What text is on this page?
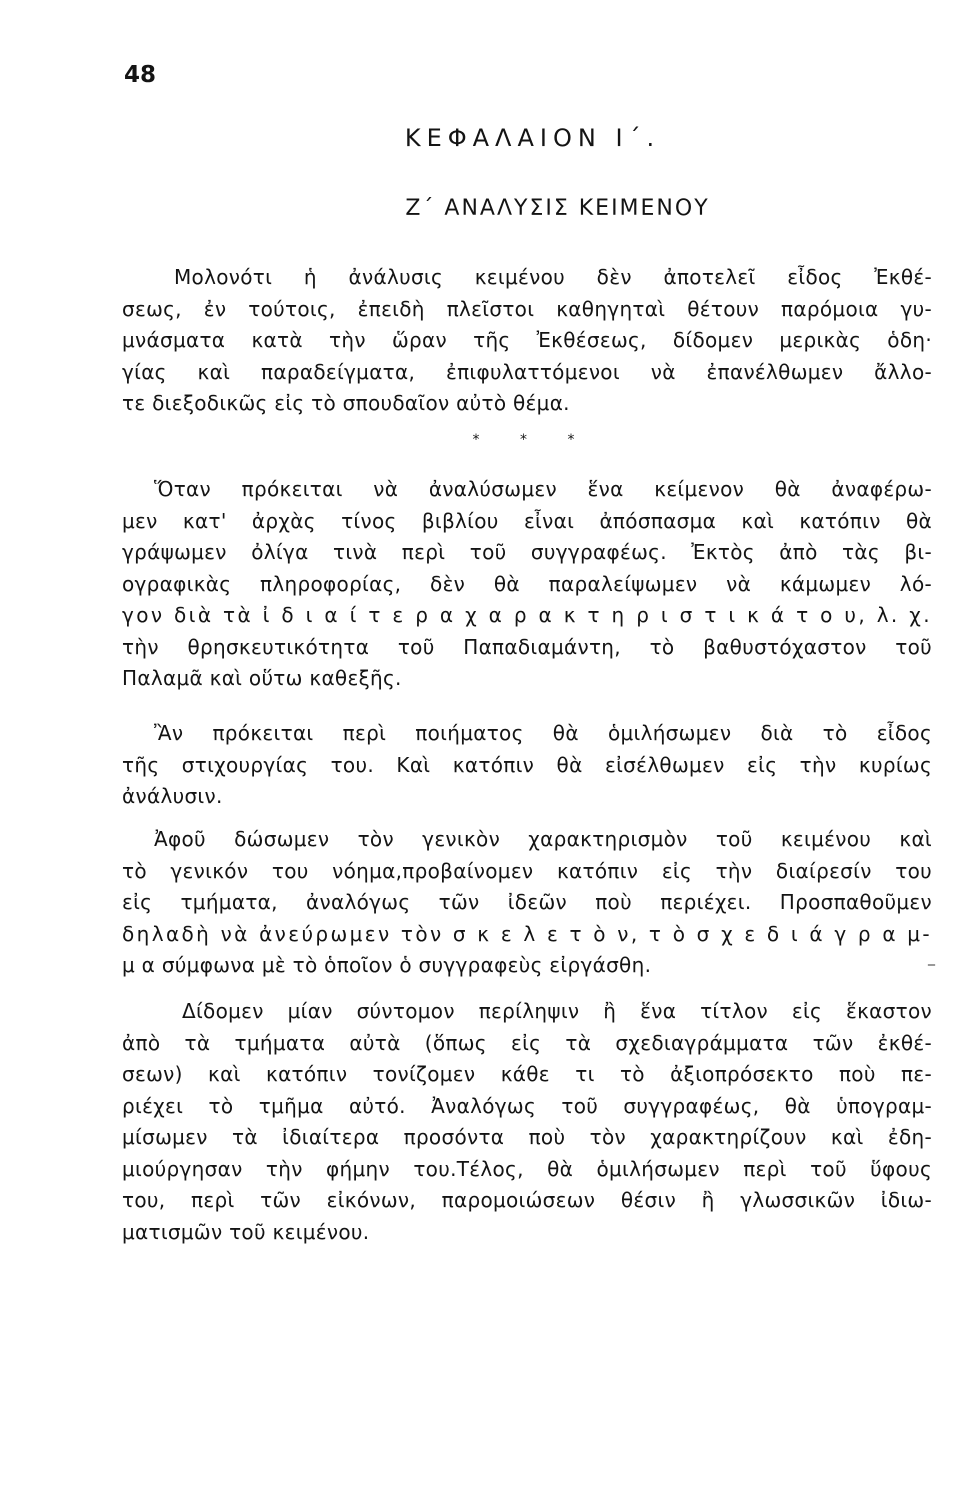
48
ΚΕΦΑΛΑΙΟΝ Ι΄.
Ζ΄ ΑΝΑΛΥΣΙΣ ΚΕΙΜΕΝΟΥ
Μολονότι ἡ ἀνάλυσις κειμένου δὲν ἀποτελεῖ εἶδος Ἐκθέ-
σεως, ἐν τούτοις, ἐπειδὴ πλεῖστοι καθηγηταὶ θέτουν παρόμοια γυ-
μνάσματα κατὰ τὴν ὥραν τῆς Ἐκθέσεως, δίδομεν μερικὰς ὁδη·
γίας καὶ παραδείγματα, ἐπιφυλαττόμενοι νὰ ἐπανέλθωμεν ἄλλο-
τε διεξοδικῶς εἰς τὸ σπουδαῖον αὐτὸ θέμα.
* * *
Ὅταν πρόκειται νὰ ἀναλύσωμεν ἕνα κείμενον θὰ ἀναφέρω-
μεν κατ' ἀρχὰς τίνος βιβλίου εἶναι ἀπόσπασμα καὶ κατόπιν θὰ
γράψωμεν ὀλίγα τινὰ περὶ τοῦ συγγραφέως. Ἐκτὸς ἀπὸ τὰς βι-
ογραφικὰς πληροφορίας, δὲν θὰ παραλείψωμεν νὰ κάμωμεν λό-
γον διὰ τὰ ἰ δ ι α ί τ ε ρ α χ α ρ α κ τ η ρ ι σ τ ι κ ά τ ο υ, λ. χ.
τὴν θρησκευτικότητα τοῦ Παπαδιαμάντη, τὸ βαθυστόχαστον τοῦ
Παλαμᾶ καὶ οὕτω καθεξῆς.
Ἂν πρόκειται περὶ ποιήματος θὰ ὁμιλήσωμεν διὰ τὸ εἶδος
τῆς στιχουργίας του. Καὶ κατόπιν θὰ εἰσέλθωμεν εἰς τὴν κυρίως
ἀνάλυσιν.
Ἀφοῦ δώσωμεν τὸν γενικὸν χαρακτηρισμὸν τοῦ κειμένου καὶ
τὸ γενικόν του νόημα,προβαίνομεν κατόπιν εἰς τὴν διαίρεσίν του
εἰς τμήματα, ἀναλόγως τῶν ἰδεῶν ποὺ περιέχει. Προσπαθοῦμεν
δηλαδὴ νὰ ἀνεύρωμεν τὸν σ κ ε λ ε τ ὸ ν, τ ὸ σ χ ε δ ι ά γ ρ α μ-
μ α σύμφωνα μὲ τὸ ὁποῖον ὁ συγγραφεὺς εἰργάσθη.
Δίδομεν μίαν σύντομον περίληψιν ἢ ἕνα τίτλον εἰς ἕκαστον
ἀπὸ τὰ τμήματα αὐτὰ (ὅπως εἰς τὰ σχεδιαγράμματα τῶν ἐκθέ-
σεων) καὶ κατόπιν τονίζομεν κάθε τι τὸ ἀξιοπρόσεκτο ποὺ πε-
ριέχει τὸ τμῆμα αὐτό. Ἀναλόγως τοῦ συγγραφέως, θὰ ὑπογραμ-
μίσωμεν τὰ ἰδιαίτερα προσόντα ποὺ τὸν χαρακτηρίζουν καὶ ἐδη-
μιούργησαν τὴν φήμην του.Τέλος, θὰ ὁμιλήσωμεν περὶ τοῦ ὕφους
του, περὶ τῶν εἰκόνων, παρομοιώσεων θέσιν ἢ γλωσσικῶν ἰδιω-
ματισμῶν τοῦ κειμένου.
_
